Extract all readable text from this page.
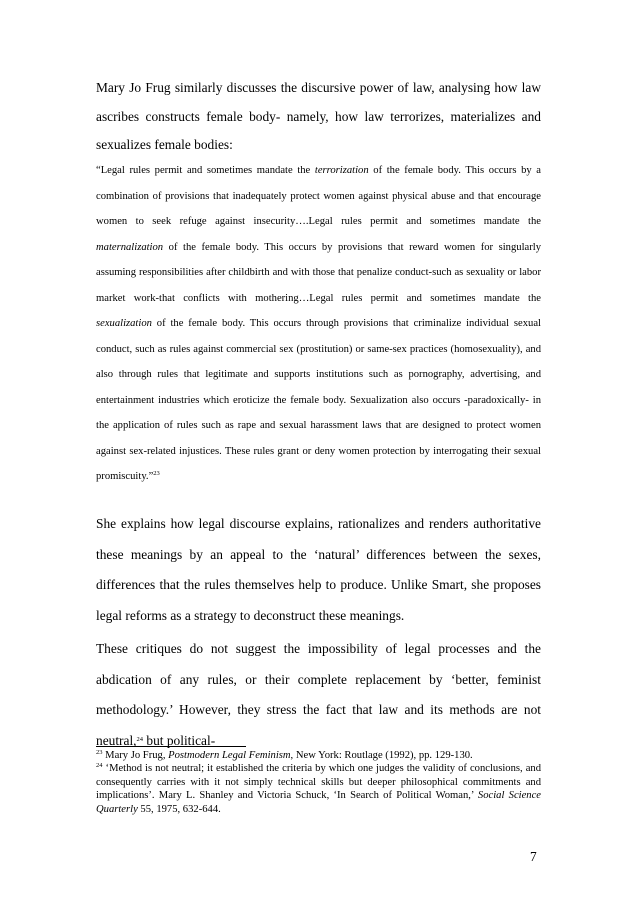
Mary Jo Frug similarly discusses the discursive power of law, analysing how law ascribes constructs female body- namely, how law terrorizes, materializes and sexualizes female bodies:

“Legal rules permit and sometimes mandate the terrorization of the female body. This occurs by a combination of provisions that inadequately protect women against physical abuse and that encourage women to seek refuge against insecurity….Legal rules permit and sometimes mandate the maternalization of the female body. This occurs by provisions that reward women for singularly assuming responsibilities after childbirth and with those that penalize conduct-such as sexuality or labor market work-that conflicts with mothering…Legal rules permit and sometimes mandate the sexualization of the female body. This occurs through provisions that criminalize individual sexual conduct, such as rules against commercial sex (prostitution) or same-sex practices (homosexuality), and also through rules that legitimate and supports institutions such as pornography, advertising, and entertainment industries which eroticize the female body. Sexualization also occurs -paradoxically- in the application of rules such as rape and sexual harassment laws that are designed to protect women against sex-related injustices. These rules grant or deny women protection by interrogating their sexual promiscuity.”$^{23}$

She explains how legal discourse explains, rationalizes and renders authoritative these meanings by an appeal to the ‘natural’ differences between the sexes, differences that the rules themselves help to produce. Unlike Smart, she proposes legal reforms as a strategy to deconstruct these meanings.

These critiques do not suggest the impossibility of legal processes and the abdication of any rules, or their complete replacement by ‘better, feminist methodology.’ However, they stress the fact that law and its methods are not neutral,$^{24}$ but political-

$^{23}$ Mary Jo Frug, Postmodern Legal Feminism, New York: Routlage (1992), pp. 129-130.

$^{24}$ ‘Method is not neutral; it established the criteria by which one judges the validity of conclusions, and consequently carries with it not simply technical skills but deeper philosophical commitments and implications’. Mary L. Shanley and Victoria Schuck, ‘In Search of Political Woman,’ Social Science Quarterly 55, 1975, 632-644.

7
